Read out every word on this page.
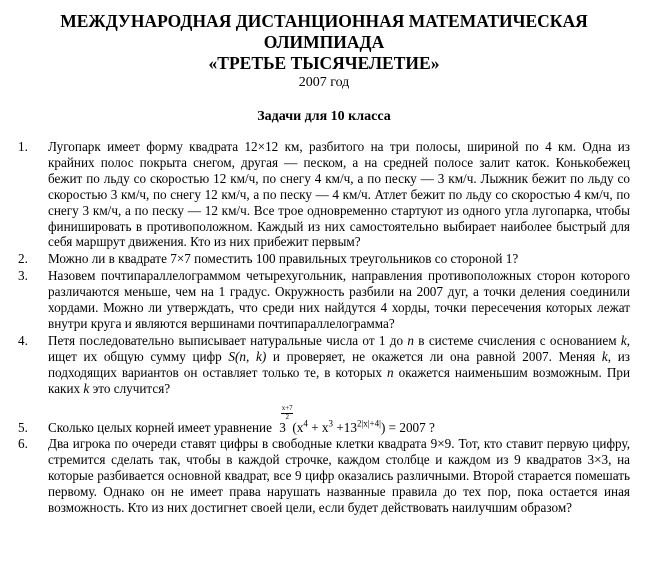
МЕЖДУНАРОДНАЯ ДИСТАНЦИОННАЯ МАТЕМАТИЧЕСКАЯ
ОЛИМПИАДА
«ТРЕТЬЕ ТЫСЯЧЕЛЕТИЕ»
2007 год
Задачи для 10 класса
1.	Лугопарк имеет форму квадрата 12×12 км, разбитого на три полосы, шириной по 4 км. Одна из крайних полос покрыта снегом, другая — песком, а на средней полосе залит каток. Конькобежец бежит по льду со скоростью 12 км/ч, по снегу 4 км/ч, а по песку — 3 км/ч. Лыжник бежит по льду со скоростью 3 км/ч, по снегу 12 км/ч, а по песку — 4 км/ч. Атлет бежит по льду со скоростью 4 км/ч, по снегу 3 км/ч, а по песку — 12 км/ч. Все трое одновременно стартуют из одного угла лугопарка, чтобы финишировать в противоположном. Каждый из них самостоятельно выбирает наиболее быстрый для себя маршрут движения. Кто из них прибежит первым?
2.	Можно ли в квадрате 7×7 поместить 100 правильных треугольников со стороной 1?
3.	Назовем почтипараллелограммом четырехугольник, направления противоположных сторон которого различаются меньше, чем на 1 градус. Окружность разбили на 2007 дуг, а точки деления соединили хордами. Можно ли утверждать, что среди них найдутся 4 хорды, точки пересечения которых лежат внутри круга и являются вершинами почтипараллелограмма?
4.	Петя последовательно выписывает натуральные числа от 1 до n в системе счисления с основанием k, ищет их общую сумму цифр S(n, k) и проверяет, не окажется ли она равной 2007. Меняя k, из подходящих вариантов он оставляет только те, в которых n окажется наименьшим возможным. При каких k это случится?
5.	Сколько целых корней имеет уравнение
x+7
2
3 $(x^4 + x^3 +13^{2|x|+4|}) = 2007$ ?
6.	Два игрока по очереди ставят цифры в свободные клетки квадрата 9×9. Тот, кто ставит первую цифру, стремится сделать так, чтобы в каждой строчке, каждом столбце и каждом из 9 квадратов 3×3, на которые разбивается основной квадрат, все 9 цифр оказались различными. Второй старается помешать первому. Однако он не имеет права нарушать названные правила до тех пор, пока остается иная возможность. Кто из них достигнет своей цели, если будет действовать наилучшим образом?
